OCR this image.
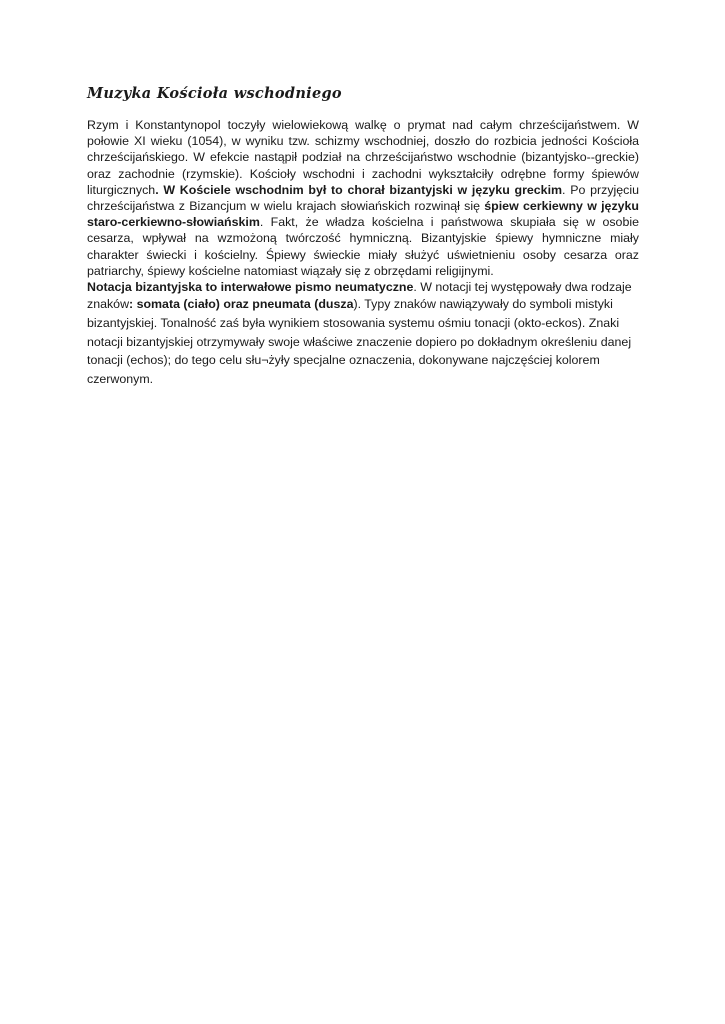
Muzyka Kościoła wschodniego

Rzym i Konstantynopol toczyły wielowiekową walkę o prymat nad całym chrześcijaństwem. W połowie XI wieku (1054), w wyniku tzw. schizmy wschodniej, doszło do rozbicia jedności Kościoła chrześcijańskiego. W efekcie nastąpił podział na chrześcijaństwo wschodnie (bizantyjsko--greckie) oraz zachodnie (rzymskie). Kościoły wschodni i zachodni wykształciły odrębne formy śpiewów liturgicznych. W Kościele wschodnim był to chorał bizantyjski w języku greckim. Po przyjęciu chrześcijaństwa z Bizancjum w wielu krajach słowiańskich rozwinął się śpiew cerkiewny w języku staro-cerkiewno-słowiańskim. Fakt, że władza kościelna i państwowa skupiała się w osobie cesarza, wpływał na wzmożoną twórczość hymniczną. Bizantyjskie śpiewy hymniczne miały charakter świecki i kościelny. Śpiewy świeckie miały służyć uświetnieniu osoby cesarza oraz patriarchy, śpiewy kościelne natomiast wiązały się z obrzędami religijnymi.

Notacja bizantyjska to interwałowe pismo neumatyczne. W notacji tej występowały dwa rodzaje
znaków: somata (ciało) oraz pneumata (dusza). Typy znaków nawiązywały do symboli mistyki bizantyjskiej. Tonalność zaś była wynikiem stosowania systemu ośmiu tonacji (okto-eckos). Znaki notacji bizantyjskiej otrzymywały swoje właściwe znaczenie dopiero po dokładnym określeniu danej tonacji (echos); do tego celu słu¬żyły specjalne oznaczenia, dokonywane najczęściej kolorem czerwonym.
